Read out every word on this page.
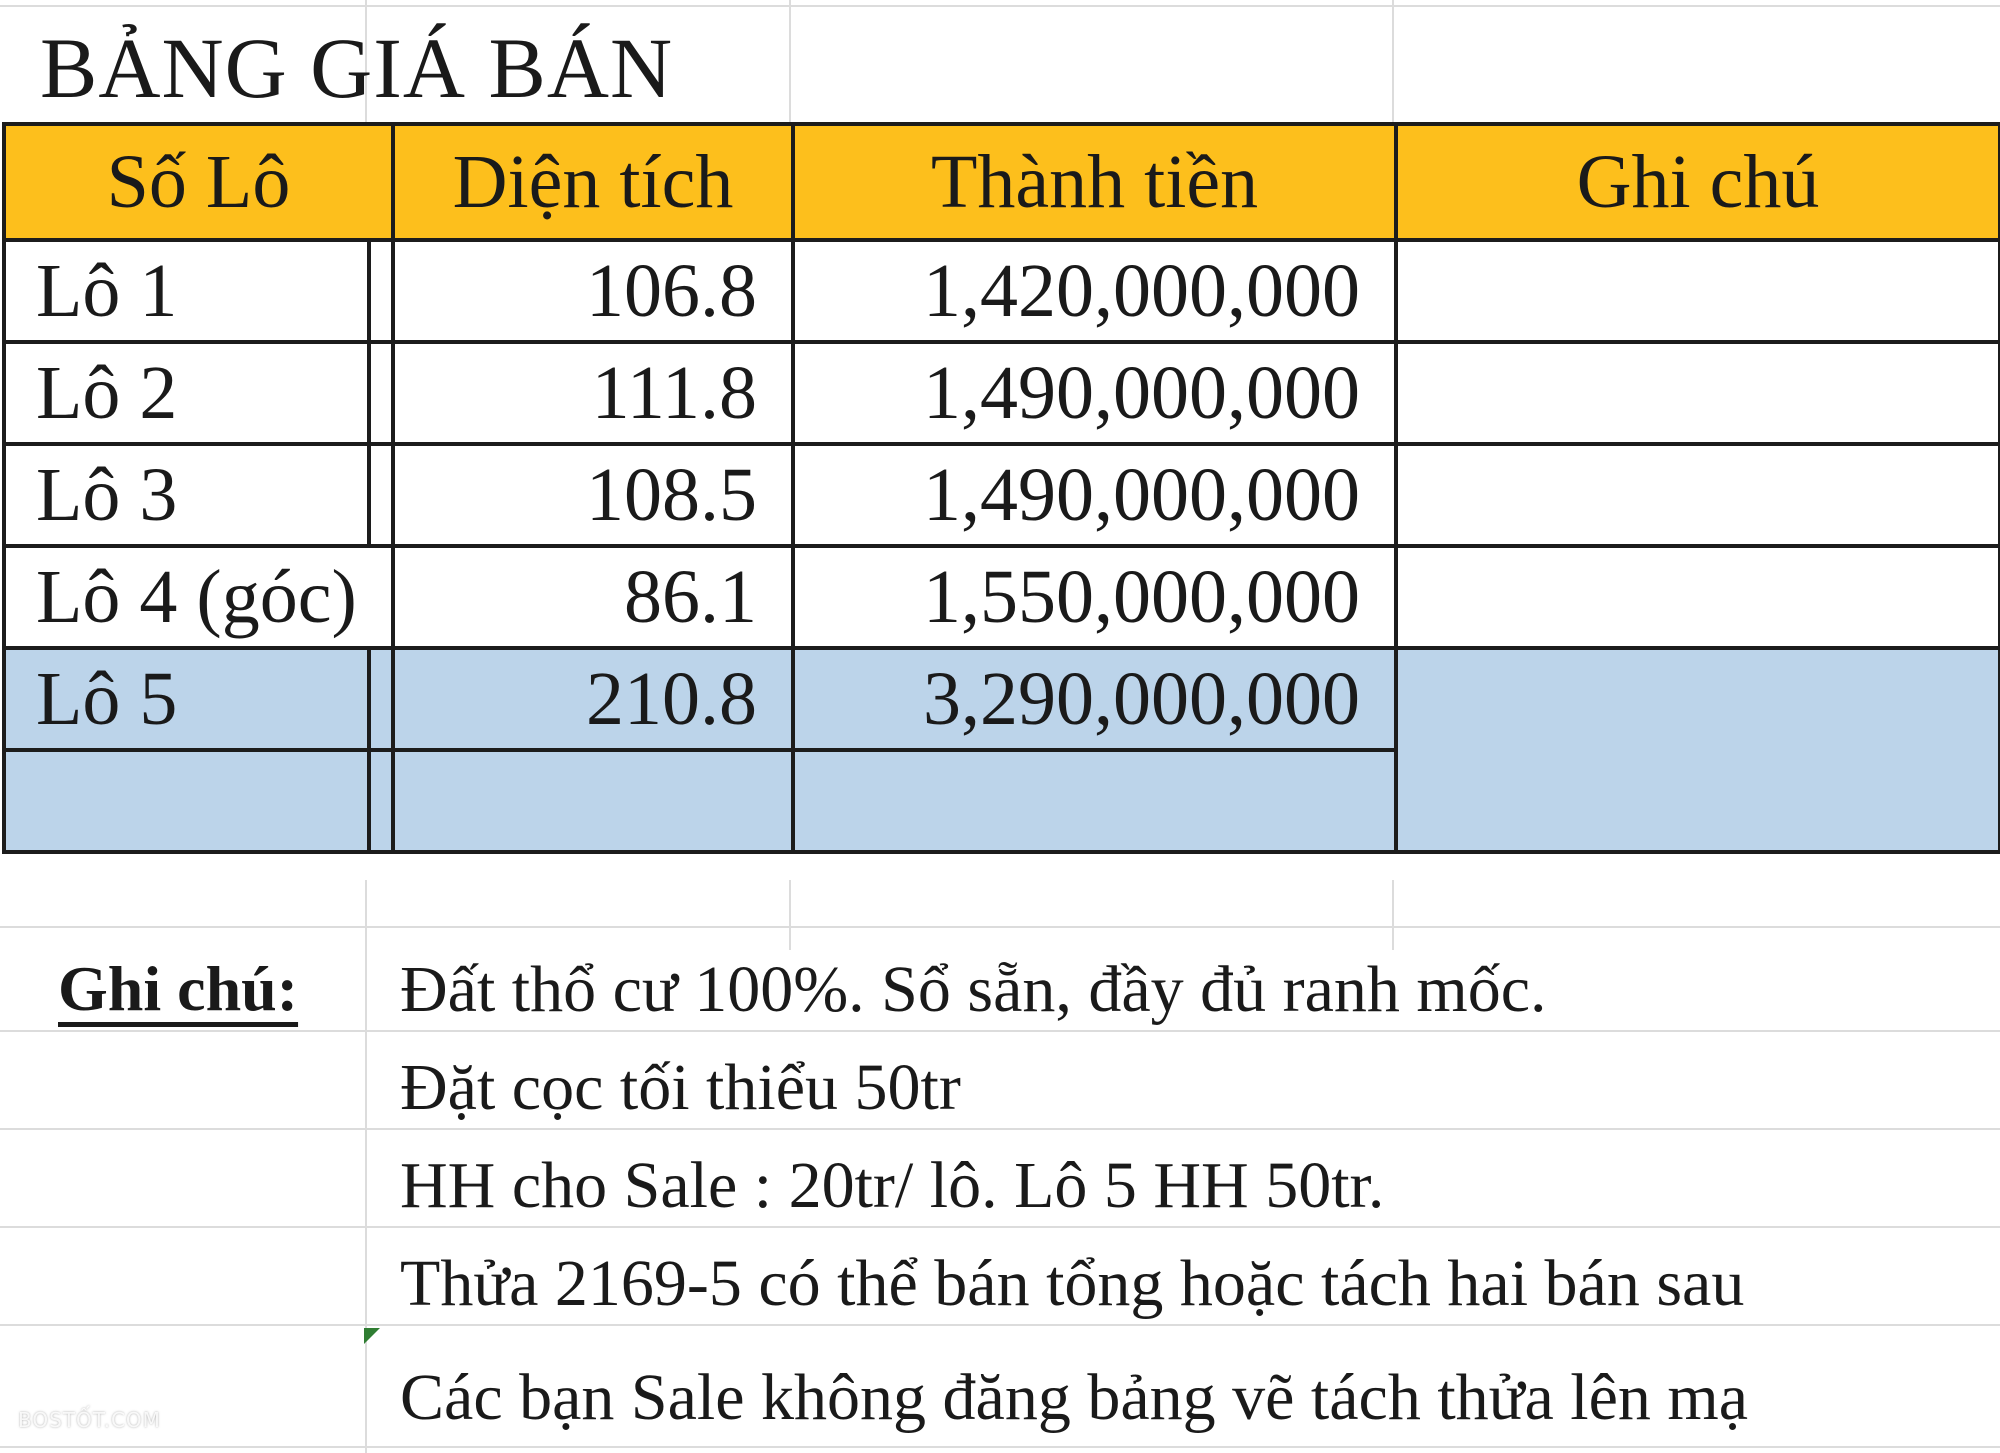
BẢNG GIÁ BÁN
Số Lô		Diện tích	Thành tiền	Ghi chú
Lô 1		106.8	1,420,000,000	
Lô 2		111.8	1,490,000,000	
Lô 3		108.5	1,490,000,000	
Lô 4 (góc)		86.1	1,550,000,000	
Lô 5		210.8	3,290,000,000	

Ghi chú: Đất thổ cư 100%. Sổ sẵn, đầy đủ ranh mốc.
Đặt cọc tối thiểu 50tr
HH cho Sale : 20tr/ lô. Lô 5 HH 50tr.
Thửa 2169-5 có thể bán tổng hoặc tách hai bán sau
Các bạn Sale không đăng bảng vẽ tách thửa lên mạ
BOSTỐT.COM
